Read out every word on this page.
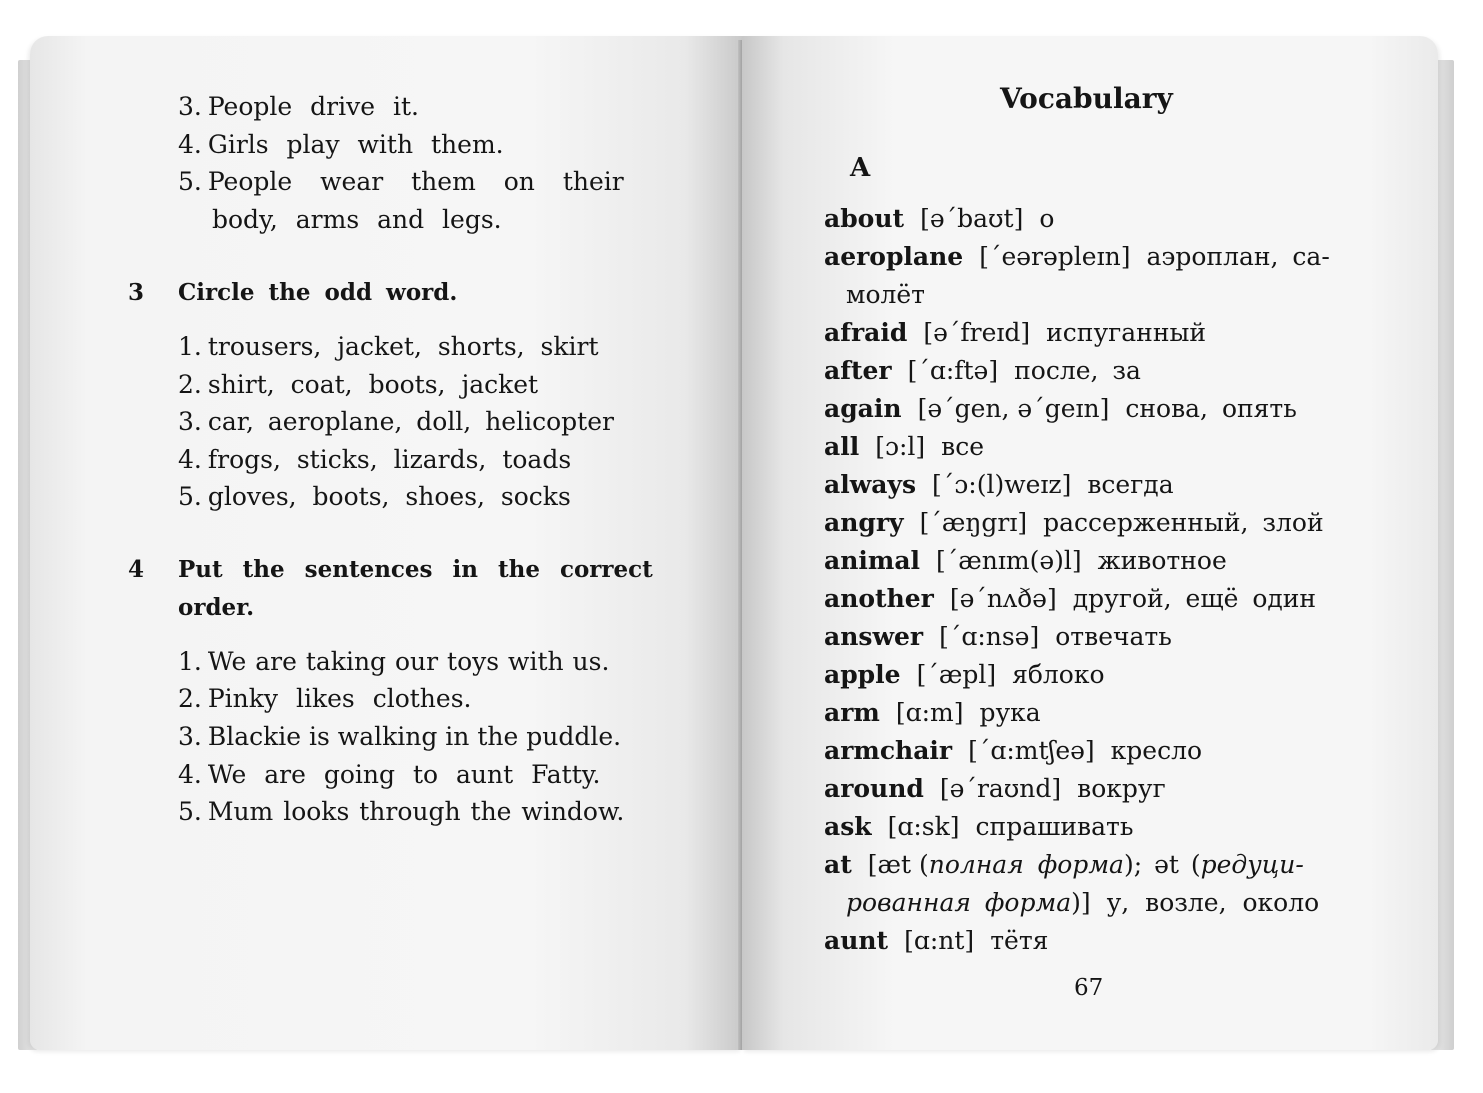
3. People drive it.
4. Girls play with them.
5. People wear them on their
body, arms and legs.
3 Circle the odd word.
1. trousers, jacket, shorts, skirt
2. shirt, coat, boots, jacket
3. car, aeroplane, doll, helicopter
4. frogs, sticks, lizards, toads
5. gloves, boots, shoes, socks
4 Put the sentences in the correct
order.
1. We are taking our toys with us.
2. Pinky likes clothes.
3. Blackie is walking in the puddle.
4. We are going to aunt Fatty.
5. Mum looks through the window.
Vocabulary
A
about [əˊbaʊt] о
aeroplane [ˊeərəpleɪn] аэроплан, са-
молёт
afraid [əˊfreɪd] испуганный
after [ˊɑ:ftə] после, за
again [əˊgen, əˊgeɪn] снова, опять
all [ɔ:l] все
always [ˊɔ:(l)weɪz] всегда
angry [ˊæŋgrɪ] рассерженный, злой
animal [ˊænɪm(ə)l] животное
another [əˊnʌðə] другой, ещё один
answer [ˊɑ:nsə] отвечать
apple [ˊæpl] яблоко
arm [ɑ:m] рука
armchair [ˊɑ:mtʃeə] кресло
around [əˊraʊnd] вокруг
ask [ɑ:sk] спрашивать
aunt [ɑ:nt] тётя
at [æt (полная форма); ət (редуци-
рованная форма)] у, возле, около
67
